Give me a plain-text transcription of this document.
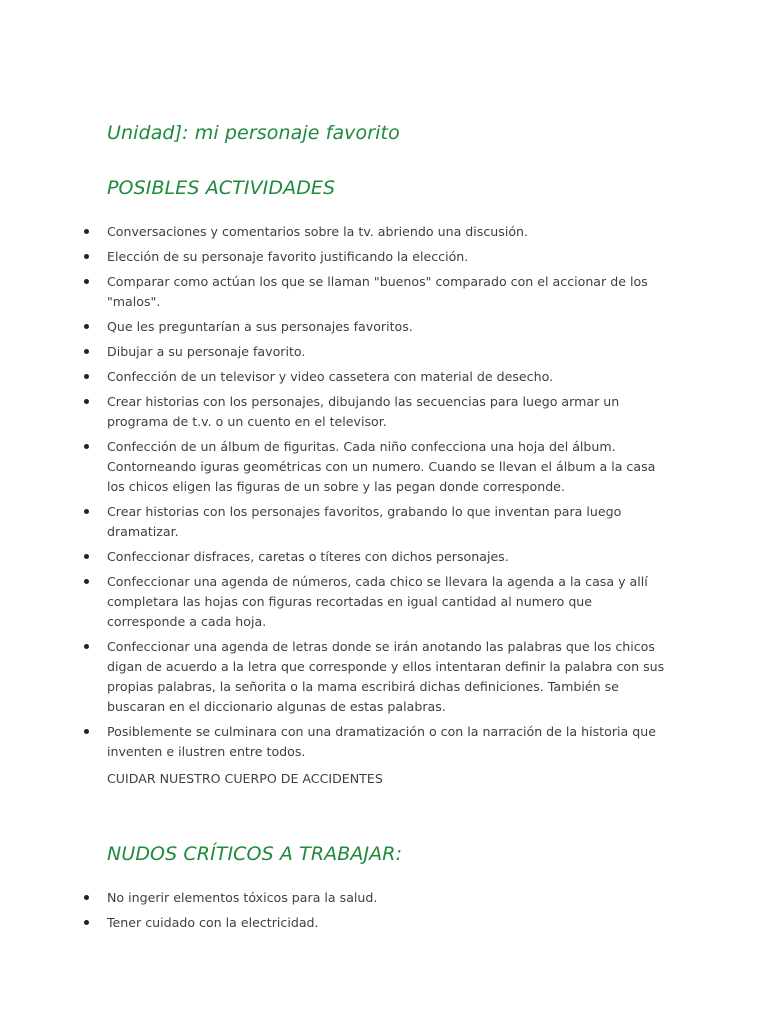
Unidad]: mi personaje favorito
POSIBLES ACTIVIDADES
Conversaciones y comentarios sobre la tv. abriendo una discusión.
Elección de su personaje favorito justificando la elección.
Comparar como actúan los que se llaman "buenos" comparado con el accionar de los "malos".
Que les preguntarían a sus personajes favoritos.
Dibujar a su personaje favorito.
Confección de un televisor y video cassetera con material de desecho.
Crear historias con los personajes, dibujando las secuencias para luego armar un programa de t.v. o un cuento en el televisor.
Confección de un álbum de figuritas. Cada niño confecciona una hoja del álbum. Contorneando iguras geométricas con un numero. Cuando se llevan el álbum a la casa los chicos eligen las figuras de un sobre y las pegan donde corresponde.
Crear historias con los personajes favoritos, grabando lo que inventan para luego dramatizar.
Confeccionar disfraces, caretas o títeres con dichos personajes.
Confeccionar una agenda de números, cada chico se llevara la agenda a la casa y allí completara las hojas con figuras recortadas en igual cantidad al numero que corresponde a cada hoja.
Confeccionar una agenda de letras donde se irán anotando las palabras que los chicos digan de acuerdo a la letra que corresponde y ellos intentaran definir la palabra con sus propias palabras, la señorita o la mama escribirá dichas definiciones. También se buscaran en el diccionario algunas de estas palabras.
Posiblemente se culminara con una dramatización o con la narración de la historia que inventen e ilustren entre todos.

CUIDAR NUESTRO CUERPO DE ACCIDENTES

NUDOS CRÍTICOS A TRABAJAR:
No ingerir elementos tóxicos para la salud.
Tener cuidado con la electricidad.
